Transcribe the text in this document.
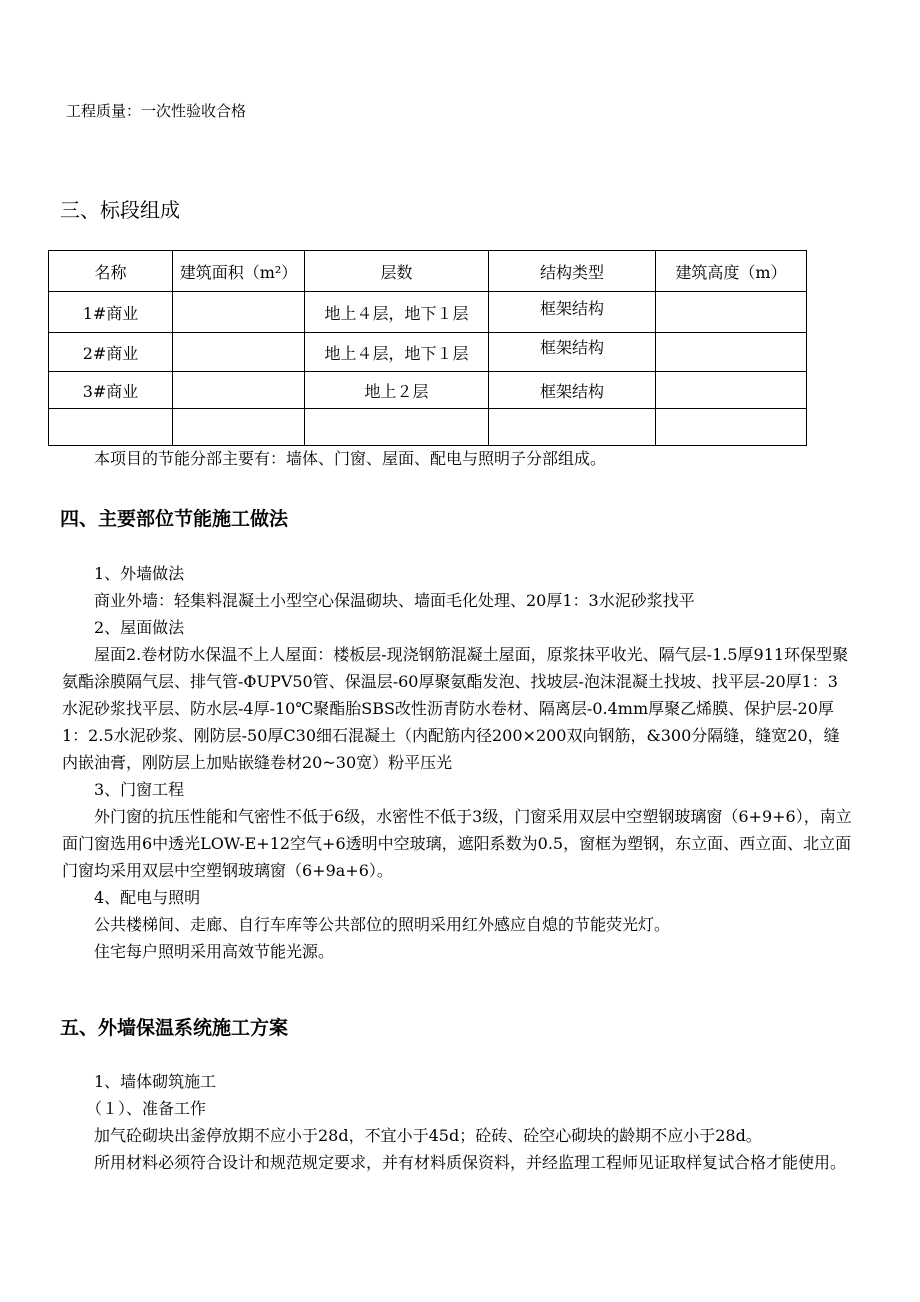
工程质量：一次性验收合格
三、标段组成
名称	建筑面积（m²）	层数	结构类型	建筑高度（m）
1#商业		地上４层，地下１层	框架结构	
2#商业		地上４层，地下１层	框架结构	
3#商业		地上２层	框架结构	

本项目的节能分部主要有：墙体、门窗、屋面、配电与照明子分部组成。
四、主要部位节能施工做法

1、外墙做法

商业外墙：轻集料混凝土小型空心保温砌块、墙面毛化处理、20厚1：3水泥砂浆找平

2、屋面做法

屋面2.卷材防水保温不上人屋面：楼板层-现浇钢筋混凝土屋面，原浆抹平收光、隔气层-1.5厚911环保型聚氨酯涂膜隔气层、排气管-ΦUPV50管、保温层-60厚聚氨酯发泡、找坡层-泡沫混凝土找坡、找平层-20厚1：3水泥砂浆找平层、防水层-4厚-10℃聚酯胎SBS改性沥青防水卷材、隔离层-0.4mm厚聚乙烯膜、保护层-20厚1：2.5水泥砂浆、刚防层-50厚C30细石混凝土（内配筋内径200×200双向钢筋，&300分隔缝，缝宽20，缝内嵌油膏，刚防层上加贴嵌缝卷材20~30宽）粉平压光

3、门窗工程

外门窗的抗压性能和气密性不低于6级，水密性不低于3级，门窗采用双层中空塑钢玻璃窗（6+9+6），南立面门窗选用6中透光LOW-E+12空气+6透明中空玻璃，遮阳系数为0.5，窗框为塑钢，东立面、西立面、北立面门窗均采用双层中空塑钢玻璃窗（6+9a+6）。

4、配电与照明

公共楼梯间、走廊、自行车库等公共部位的照明采用红外感应自熄的节能荧光灯。

住宅每户照明采用高效节能光源。

五、外墙保温系统施工方案

1、墙体砌筑施工

（１）、准备工作

加气砼砌块出釜停放期不应小于28d，不宜小于45d；砼砖、砼空心砌块的龄期不应小于28d。

所用材料必须符合设计和规范规定要求，并有材料质保资料，并经监理工程师见证取样复试合格才能使用。
